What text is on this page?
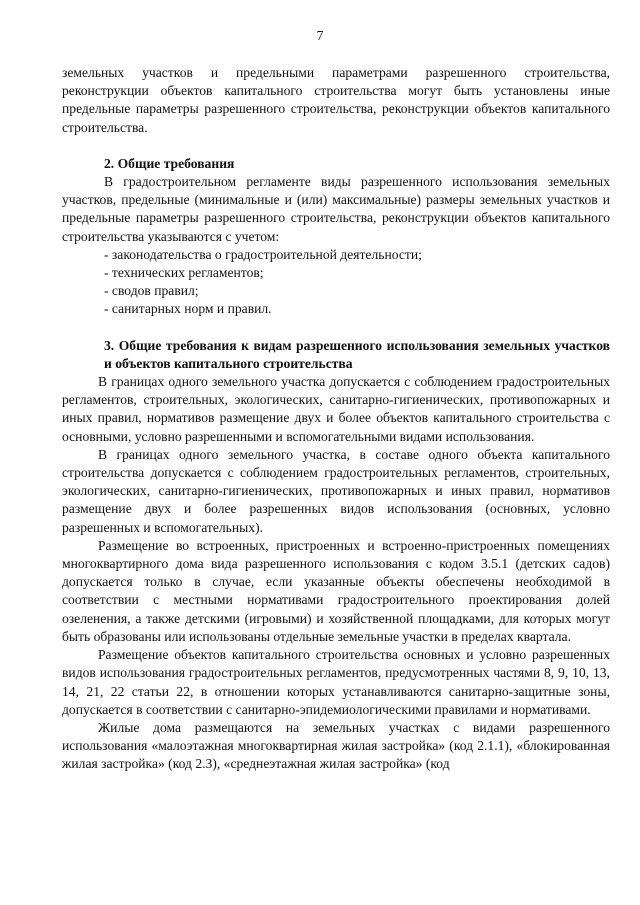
7

земельных участков и предельными параметрами разрешенного строительства, реконструкции объектов капитального строительства могут быть установлены иные предельные параметры разрешенного строительства, реконструкции объектов капитального строительства.

2. Общие требования

В градостроительном регламенте виды разрешенного использования земельных участков, предельные (минимальные и (или) максимальные) размеры земельных участков и предельные параметры разрешенного строительства, реконструкции объектов капитального строительства указываются с учетом:

- законодательства о градостроительной деятельности;
- технических регламентов;
- сводов правил;
- санитарных норм и правил.

3. Общие требования к видам разрешенного использования земельных участков и объектов капитального строительства

В границах одного земельного участка допускается с соблюдением градостроительных регламентов, строительных, экологических, санитарно-гигиенических, противопожарных и иных правил, нормативов размещение двух и более объектов капитального строительства с основными, условно разрешенными и вспомогательными видами использования.

В границах одного земельного участка, в составе одного объекта капитального строительства допускается с соблюдением градостроительных регламентов, строительных, экологических, санитарно-гигиенических, противопожарных и иных правил, нормативов размещение двух и более разрешенных видов использования (основных, условно разрешенных и вспомогательных).

Размещение во встроенных, пристроенных и встроенно-пристроенных помещениях многоквартирного дома вида разрешенного использования с кодом 3.5.1 (детских садов) допускается только в случае, если указанные объекты обеспечены необходимой в соответствии с местными нормативами градостроительного проектирования долей озеленения, а также детскими (игровыми) и хозяйственной площадками, для которых могут быть образованы или использованы отдельные земельные участки в пределах квартала.

Размещение объектов капитального строительства основных и условно разрешенных видов использования градостроительных регламентов, предусмотренных частями 8, 9, 10, 13, 14, 21, 22 статьи 22, в отношении которых устанавливаются санитарно-защитные зоны, допускается в соответствии с санитарно-эпидемиологическими правилами и нормативами.

Жилые дома размещаются на земельных участках с видами разрешенного использования «малоэтажная многоквартирная жилая застройка» (код 2.1.1), «блокированная жилая застройка» (код 2.3), «среднеэтажная жилая застройка» (код
